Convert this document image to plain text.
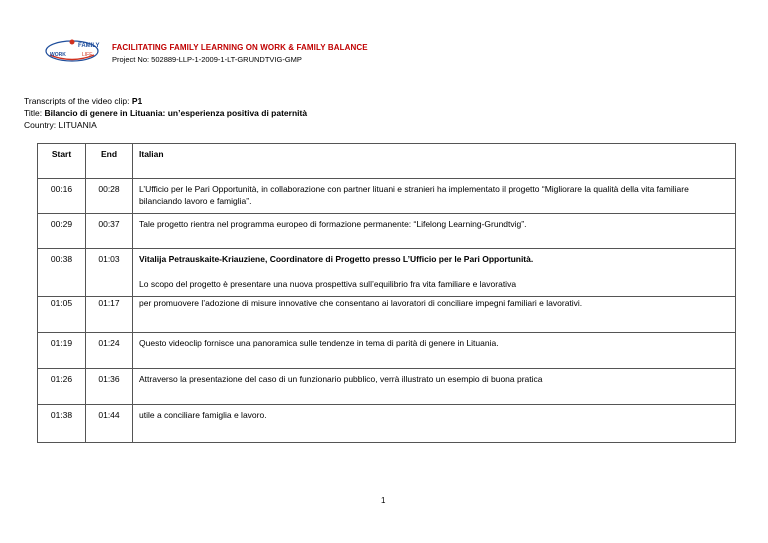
FAMILY
WORK	LIFE
FACILITATING FAMILY LEARNING ON WORK & FAMILY BALANCE
Project No: 502889-LLP-1-2009-1-LT-GRUNDTVIG-GMP
Transcripts of the video clip: P1
Title: Bilancio di genere in Lituania: un’esperienza positiva di paternità
Country: LITUANIA
Start	End	Italian
00:16	00:28	L’Ufficio per le Pari Opportunità, in collaborazione con partner lituani e stranieri ha implementato il progetto “Migliorare la qualità della vita familiare bilanciando lavoro e famiglia”.
00:29	00:37	Tale progetto rientra nel programma europeo di formazione permanente: “Lifelong Learning-Grundtvig”.
00:38	01:03	Vitalija Petrauskaite-Kriauziene, Coordinatore di Progetto presso L’Ufficio per le Pari Opportunità.
Lo scopo del progetto è presentare una nuova prospettiva sull’equilibrio fra vita familiare e lavorativa

01:05	01:17	per promuovere l’adozione di misure innovative che consentano ai lavoratori di conciliare impegni familiari e lavorativi.
01:19	01:24	Questo videoclip fornisce una panoramica sulle tendenze in tema di parità di genere in Lituania.
01:26	01:36	Attraverso la presentazione del caso di un funzionario pubblico, verrà illustrato un esempio di buona pratica
01:38	01:44	utile a conciliare famiglia e lavoro.
1
